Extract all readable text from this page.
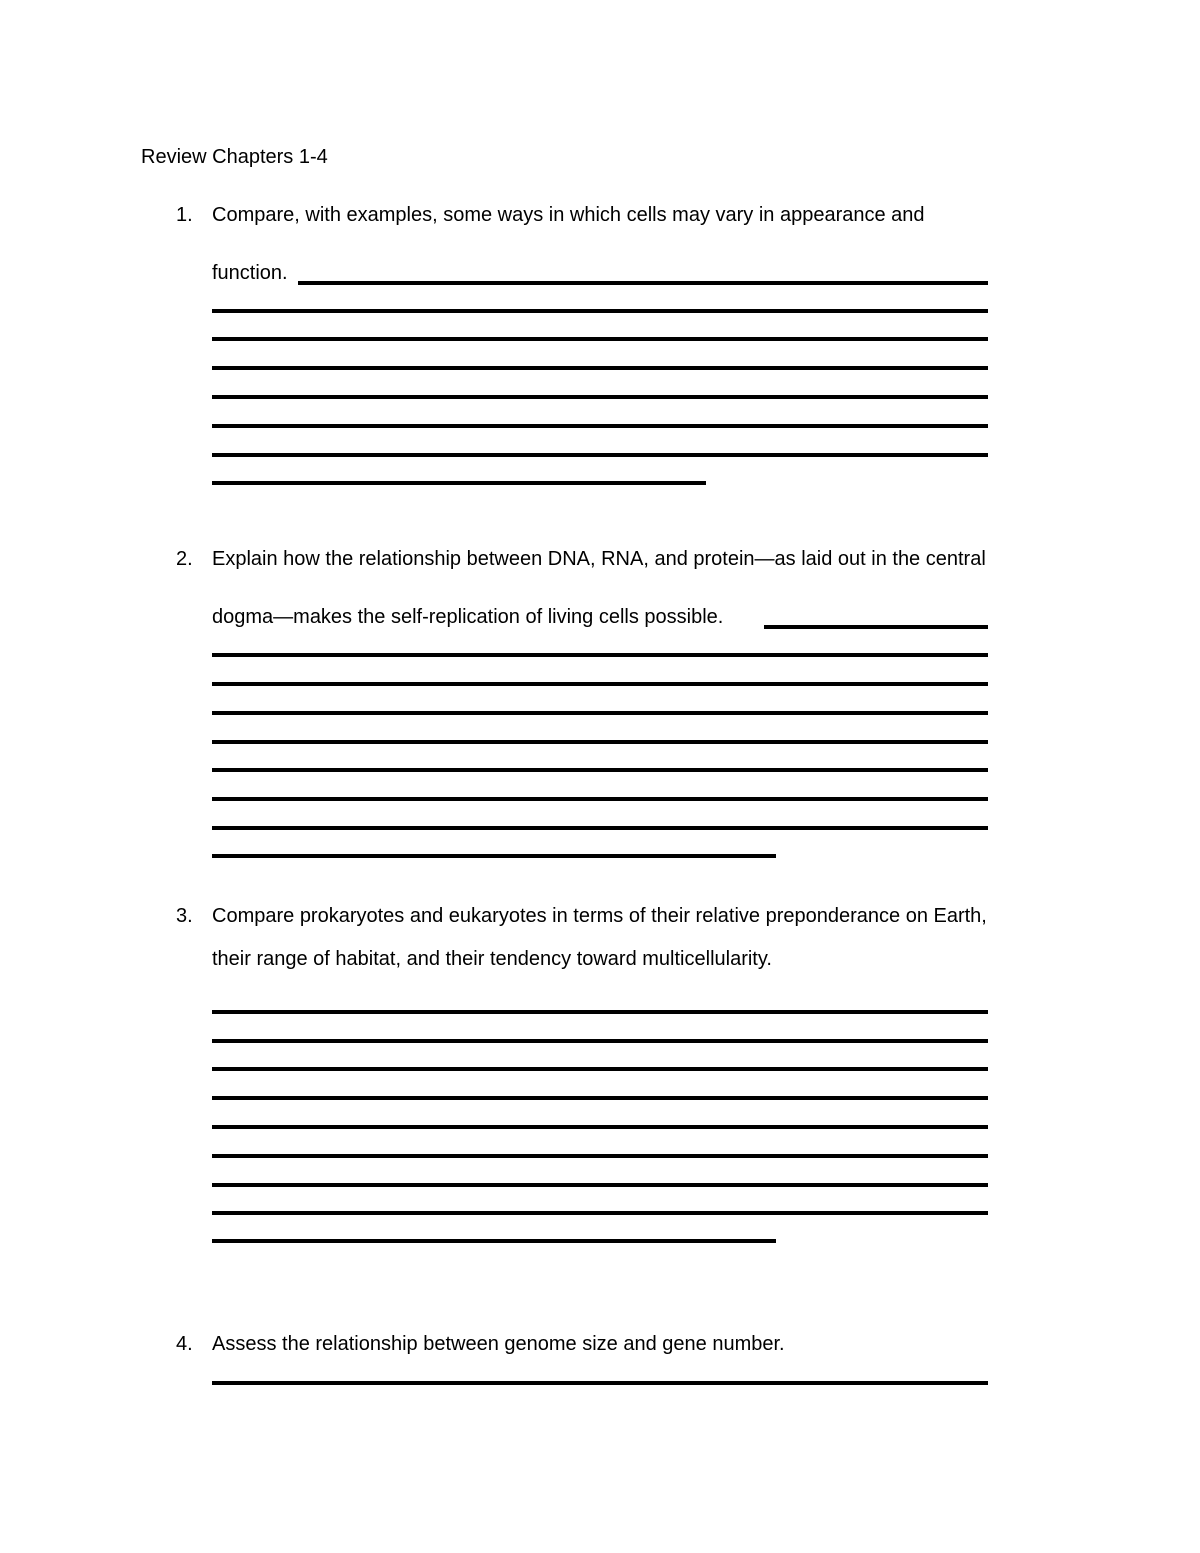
Review Chapters 1-4
1. Compare, with examples, some ways in which cells may vary in appearance and
function.
2. Explain how the relationship between DNA, RNA, and protein—as laid out in the central
dogma—makes the self-replication of living cells possible.
3. Compare prokaryotes and eukaryotes in terms of their relative preponderance on Earth,
their range of habitat, and their tendency toward multicellularity.
4. Assess the relationship between genome size and gene number.
